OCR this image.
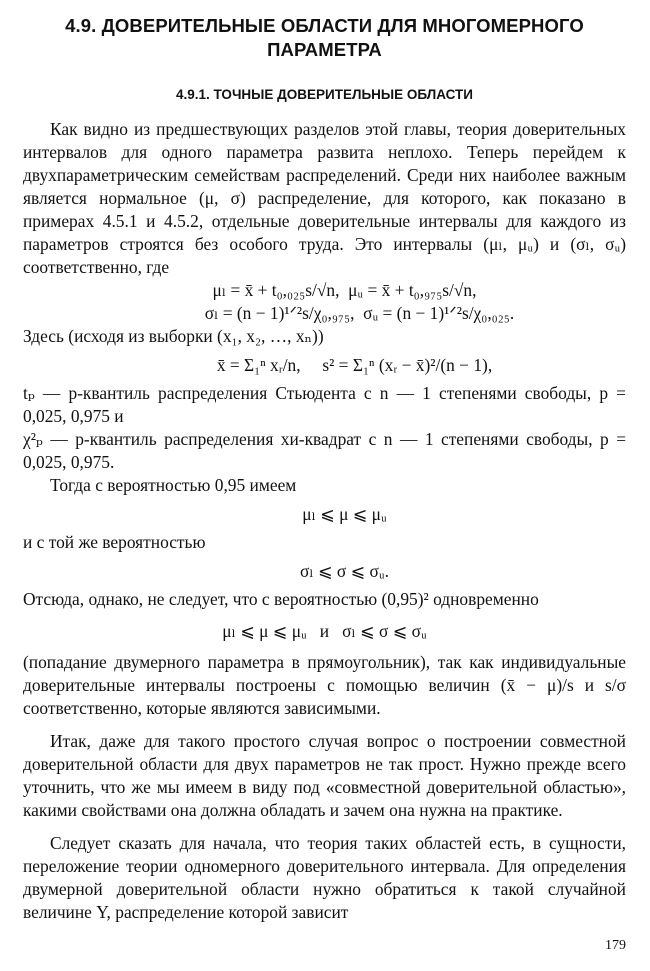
4.9. ДОВЕРИТЕЛЬНЫЕ ОБЛАСТИ ДЛЯ МНОГОМЕРНОГО
ПАРАМЕТРА
4.9.1. ТОЧНЫЕ ДОВЕРИТЕЛЬНЫЕ ОБЛАСТИ

Как видно из предшествующих разделов этой главы, теория доверительных интервалов для одного параметра развита неплохо. Теперь перейдем к двухпараметрическим семействам распределений. Среди них наиболее важным является нормальное (μ, σ) распределение, для которого, как показано в примерах 4.5.1 и 4.5.2, отдельные доверительные интервалы для каждого из параметров строятся без особого труда. Это интервалы (μₗ, μᵤ) и (σₗ, σᵤ) соответственно, где

μₗ = x̄ + t₀,₀₂₅s/√n,  μᵤ = x̄ + t₀,₉₇₅s/√n,
σₗ = (n − 1)¹ᐟ²s/χ₀,₉₇₅,  σᵤ = (n − 1)¹ᐟ²s/χ₀,₀₂₅.

Здесь (исходя из выборки (x₁, x₂, …, xₙ))

x̄ = Σ₁ⁿ xᵣ/n,     s² = Σ₁ⁿ (xᵣ − x̄)²/(n − 1),

tₚ — p-квантиль распределения Стьюдента с n — 1 степенями свободы, p = 0,025, 0,975 и

χ²ₚ — p-квантиль распределения хи-квадрат с n — 1 степенями свободы, p = 0,025, 0,975.

Тогда с вероятностью 0,95 имеем

μₗ ⩽ μ ⩽ μᵤ

и с той же вероятностью

σₗ ⩽ σ ⩽ σᵤ.

Отсюда, однако, не следует, что с вероятностью (0,95)² одновременно

μₗ ⩽ μ ⩽ μᵤ   и   σₗ ⩽ σ ⩽ σᵤ

(попадание двумерного параметра в прямоугольник), так как индивидуальные доверительные интервалы построены с помощью величин (x̄ − μ)/s и s/σ соответственно, которые являются зависимыми.

Итак, даже для такого простого случая вопрос о построении совместной доверительной области для двух параметров не так прост. Нужно прежде всего уточнить, что же мы имеем в виду под «совместной доверительной областью», какими свойствами она должна обладать и зачем она нужна на практике.

Следует сказать для начала, что теория таких областей есть, в сущности, переложение теории одномерного доверительного интервала. Для определения двумерной доверительной области нужно обратиться к такой случайной величине Y, распределение которой зависит

179
